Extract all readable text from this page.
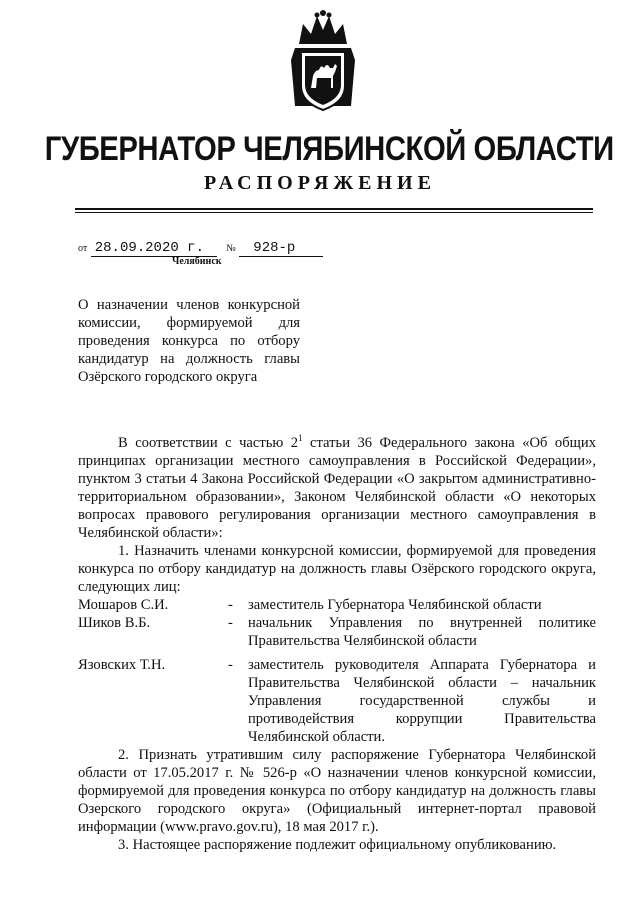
ГУБЕРНАТОР ЧЕЛЯБИНСКОЙ ОБЛАСТИ
РАСПОРЯЖЕНИЕ
от 28.09.2020 г. № 928-р
Челябинск
О назначении членов конкурсной комиссии, формируемой для проведения конкурса по отбору кандидатур на должность главы Озёрского городского округа

В соответствии с частью $2^1$ статьи 36 Федерального закона «Об общих принципах организации местного самоуправления в Российской Федерации», пунктом 3 статьи 4 Закона Российской Федерации «О закрытом административно-территориальном образовании», Законом Челябинской области «О некоторых вопросах правового регулирования организации местного самоуправления в Челябинской области»:

1. Назначить членами конкурсной комиссии, формируемой для проведения конкурса по отбору кандидатур на должность главы Озёрского городского округа, следующих лиц:

Мошаров С.И.	-	заместитель Губернатора Челябинской области
Шиков В.Б.	-	начальник Управления по внутренней политике Правительства Челябинской области
Язовских Т.Н.	-	заместитель руководителя Аппарата Губернатора и Правительства Челябинской области – начальник Управления государственной службы и противодействия коррупции Правительства Челябинской области.

2. Признать утратившим силу распоряжение Губернатора Челябинской области от 17.05.2017 г. № 526-р «О назначении членов конкурсной комиссии, формируемой для проведения конкурса по отбору кандидатур на должность главы Озерского городского округа» (Официальный интернет-портал правовой информации (www.pravo.gov.ru), 18 мая 2017 г.).

3. Настоящее распоряжение подлежит официальному опубликованию.
